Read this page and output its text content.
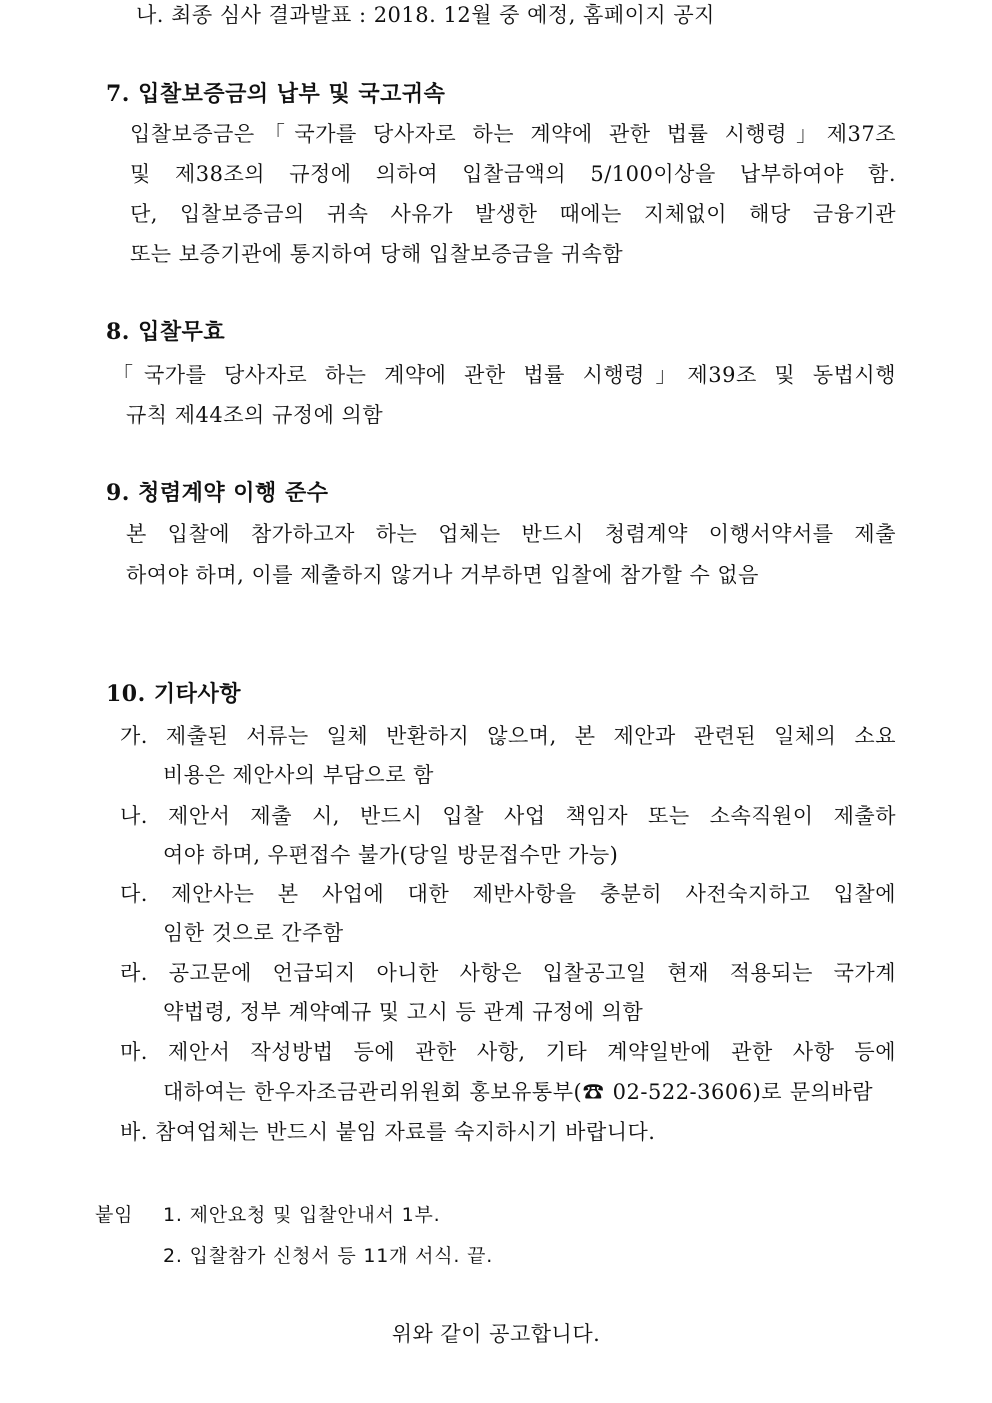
나. 최종 심사 결과발표 : 2018. 12월 중 예정, 홈페이지 공지
7. 입찰보증금의 납부 및 국고귀속
입찰보증금은「국가를 당사자로 하는 계약에 관한 법률 시행령」제37조
및 제38조의 규정에 의하여 입찰금액의 5/100이상을 납부하여야 함.
단, 입찰보증금의 귀속 사유가 발생한 때에는 지체없이 해당 금융기관
또는 보증기관에 통지하여 당해 입찰보증금을 귀속함
8. 입찰무효
「국가를 당사자로 하는 계약에 관한 법률 시행령」제39조 및 동법시행
규칙 제44조의 규정에 의함
9. 청렴계약 이행 준수
본 입찰에 참가하고자 하는 업체는 반드시 청렴계약 이행서약서를 제출
하여야 하며, 이를 제출하지 않거나 거부하면 입찰에 참가할 수 없음
10. 기타사항
가. 제출된 서류는 일체 반환하지 않으며, 본 제안과 관련된 일체의 소요
비용은 제안사의 부담으로 함
나. 제안서 제출 시, 반드시 입찰 사업 책임자 또는 소속직원이 제출하
여야 하며, 우편접수 불가(당일 방문접수만 가능)
다. 제안사는 본 사업에 대한 제반사항을 충분히 사전숙지하고 입찰에
임한 것으로 간주함
라. 공고문에 언급되지 아니한 사항은 입찰공고일 현재 적용되는 국가계
약법령, 정부 계약예규 및 고시 등 관계 규정에 의함
마. 제안서 작성방법 등에 관한 사항, 기타 계약일반에 관한 사항 등에
대하여는 한우자조금관리위원회 홍보유통부(☎ 02-522-3606)로 문의바람
바. 참여업체는 반드시 붙임 자료를 숙지하시기 바랍니다.
붙임 1. 제안요청 및 입찰안내서 1부.
2. 입찰참가 신청서 등 11개 서식. 끝.
위와 같이 공고합니다.
